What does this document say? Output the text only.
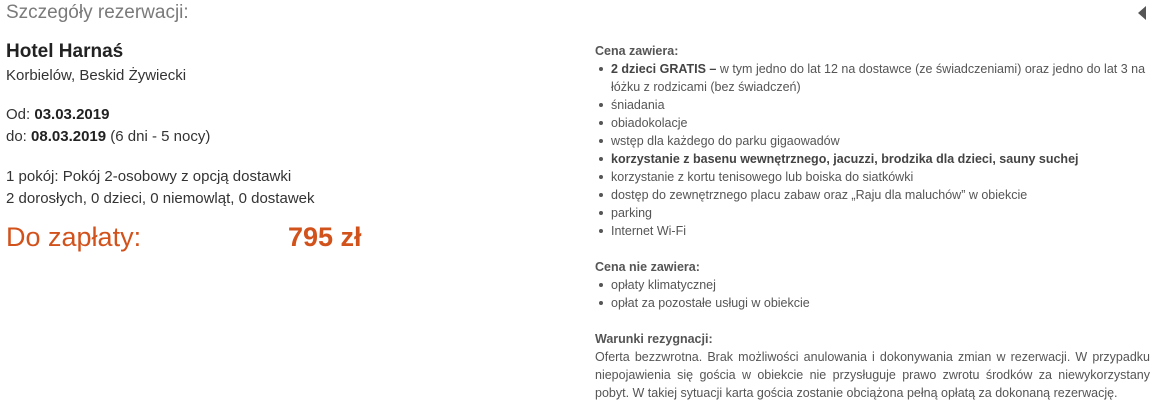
Szczegóły rezerwacji:
Hotel Harnaś
Korbielów, Beskid Żywiecki
Od: 03.03.2019
do: 08.03.2019 (6 dni - 5 nocy)
1 pokój: Pokój 2-osobowy z opcją dostawki
2 dorosłych, 0 dzieci, 0 niemowląt, 0 dostawek
Do zapłaty:	795 zł
Cena zawiera:
2 dzieci GRATIS – w tym jedno do lat 12 na dostawce (ze świadczeniami) oraz jedno do lat 3 na łóżku z rodzicami (bez świadczeń)
śniadania
obiadokolacje
wstęp dla każdego do parku gigaowadów
korzystanie z basenu wewnętrznego, jacuzzi, brodzika dla dzieci, sauny suchej
korzystanie z kortu tenisowego lub boiska do siatkówki
dostęp do zewnętrznego placu zabaw oraz „Raju dla maluchów” w obiekcie
parking
Internet Wi-Fi
Cena nie zawiera:
opłaty klimatycznej
opłat za pozostałe usługi w obiekcie
Warunki rezygnacji:
Oferta bezzwrotna. Brak możliwości anulowania i dokonywania zmian w rezerwacji. W przypadku niepojawienia się gościa w obiekcie nie przysługuje prawo zwrotu środków za niewykorzystany pobyt. W takiej sytuacji karta gościa zostanie obciążona pełną opłatą za dokonaną rezerwację.
